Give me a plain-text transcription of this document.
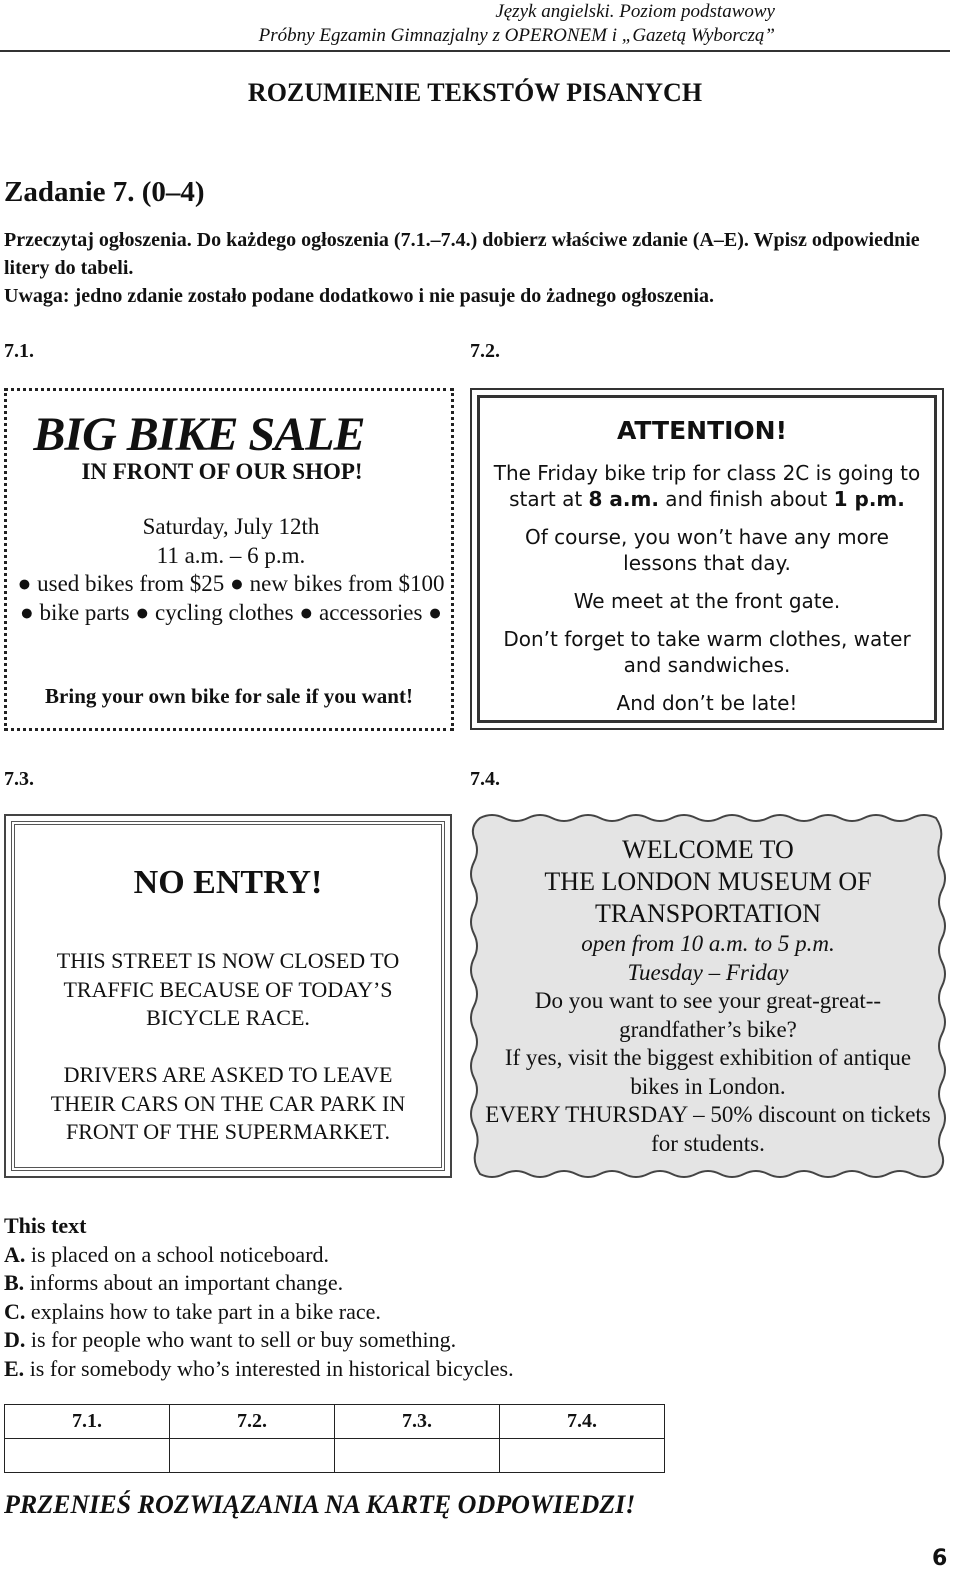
Język angielski. Poziom podstawowy
Próbny Egzamin Gimnazjalny z OPERONEM i „Gazetą Wyborczą”
ROZUMIENIE TEKSTÓW PISANYCH
Zadanie 7. (0–4)
Przeczytaj ogłoszenia. Do każdego ogłoszenia (7.1.–7.4.) dobierz właściwe zdanie (A–E). Wpisz odpowiednie litery do tabeli.
Uwaga: jedno zdanie zostało podane dodatkowo i nie pasuje do żadnego ogłoszenia.
7.1.	7.2.
7.3.	7.4.
BIG BIKE SALE
IN FRONT OF OUR SHOP!
Saturday, July 12th
11 a.m. – 6 p.m.
● used bikes from $25 ● new bikes from $100 ● bike parts ● cycling clothes ● accessories ●
Bring your own bike for sale if you want!
ATTENTION!

The Friday bike trip for class 2C is going to start at 8 a.m. and finish about 1 p.m.

Of course, you won’t have any more lessons that day.

We meet at the front gate.

Don’t forget to take warm clothes, water and sandwiches.

And don’t be late!

NO ENTRY!
THIS STREET IS NOW CLOSED TO TRAFFIC BECAUSE OF TODAY’S BICYCLE RACE.
DRIVERS ARE ASKED TO LEAVE THEIR CARS ON THE CAR PARK IN FRONT OF THE SUPERMARKET.
WELCOME TO
THE LONDON MUSEUM OF TRANSPORTATION
open from 10 a.m. to 5 p.m.
Tuesday – Friday
Do you want to see your great-great--grandfather’s bike?
If yes, visit the biggest exhibition of antique bikes in London.
EVERY THURSDAY – 50% discount on tickets for students.
This text
A. is placed on a school noticeboard.
B. informs about an important change.
C. explains how to take part in a bike race.
D. is for people who want to sell or buy something.
E. is for somebody who’s interested in historical bicycles.
7.1.	7.2.	7.3.	7.4.

PRZENIEŚ ROZWIĄZANIA NA KARTĘ ODPOWIEDZI!
6
